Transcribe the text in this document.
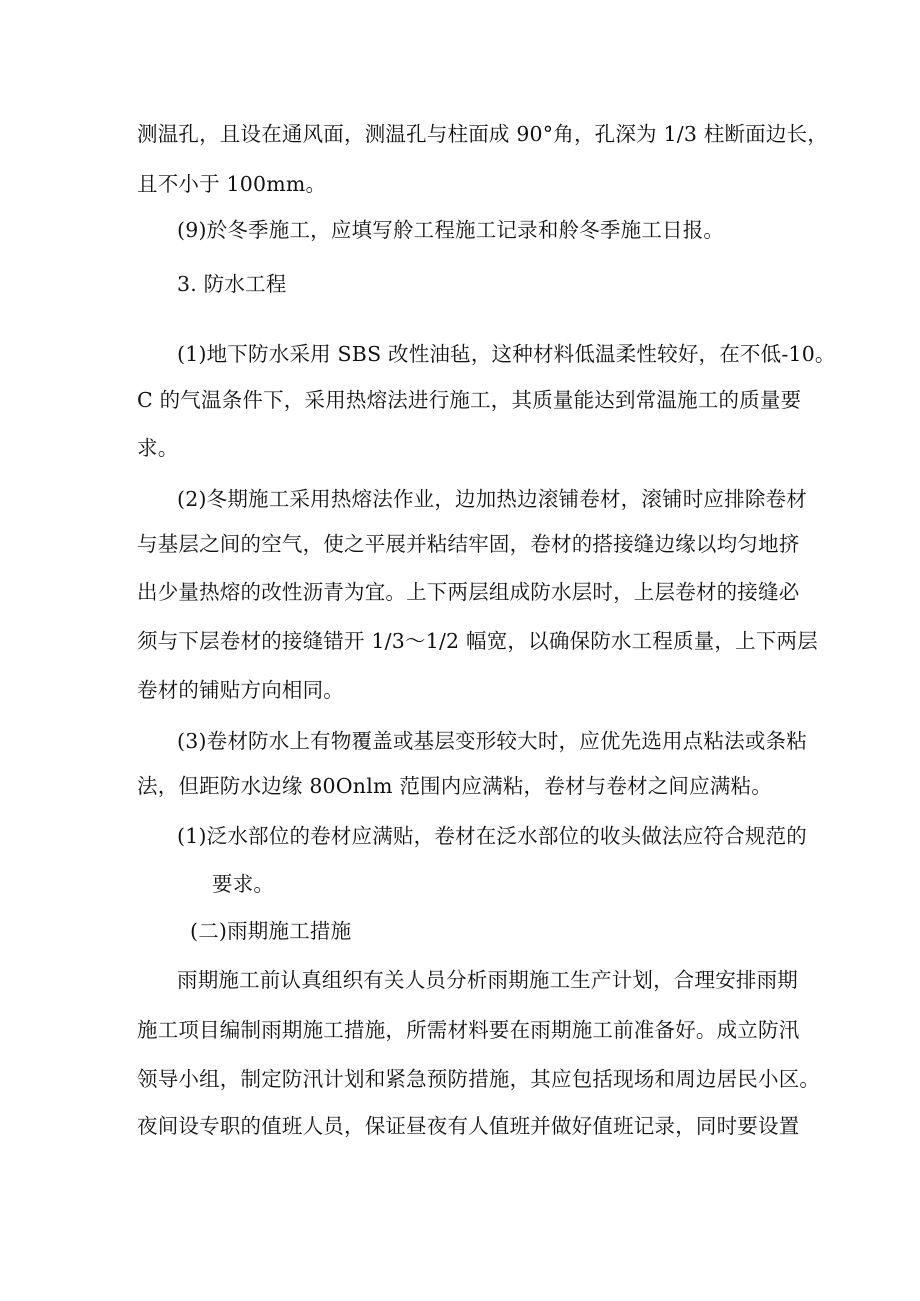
测温孔，且设在通风面，测温孔与柱面成 90°角，孔深为 1/3 柱断面边长，
且不小于 100mm。
(9)於冬季施工，应填写舲工程施工记录和舲冬季施工日报。
3. 防水工程
(1)地下防水采用 SBS 改性油毡，这种材料低温柔性较好，在不低-10。
C 的气温条件下，采用热熔法进行施工，其质量能达到常温施工的质量要
求。
(2)冬期施工采用热熔法作业，边加热边滚铺卷材，滚铺时应排除卷材
与基层之间的空气，使之平展并粘结牢固，卷材的搭接缝边缘以均匀地挤
出少量热熔的改性沥青为宜。上下两层组成防水层时，上层卷材的接缝必
须与下层卷材的接缝错开 1/3～1/2 幅宽，以确保防水工程质量，上下两层
卷材的铺贴方向相同。
(3)卷材防水上有物覆盖或基层变形较大时，应优先选用点粘法或条粘
法，但距防水边缘 80Onlm 范围内应满粘，卷材与卷材之间应满粘。
(1)泛水部位的卷材应满贴，卷材在泛水部位的收头做法应符合规范的
要求。
(二)雨期施工措施
雨期施工前认真组织有关人员分析雨期施工生产计划，合理安排雨期
施工项目编制雨期施工措施，所需材料要在雨期施工前准备好。成立防汛
领导小组，制定防汛计划和紧急预防措施，其应包括现场和周边居民小区。
夜间设专职的值班人员，保证昼夜有人值班并做好值班记录，同时要设置
